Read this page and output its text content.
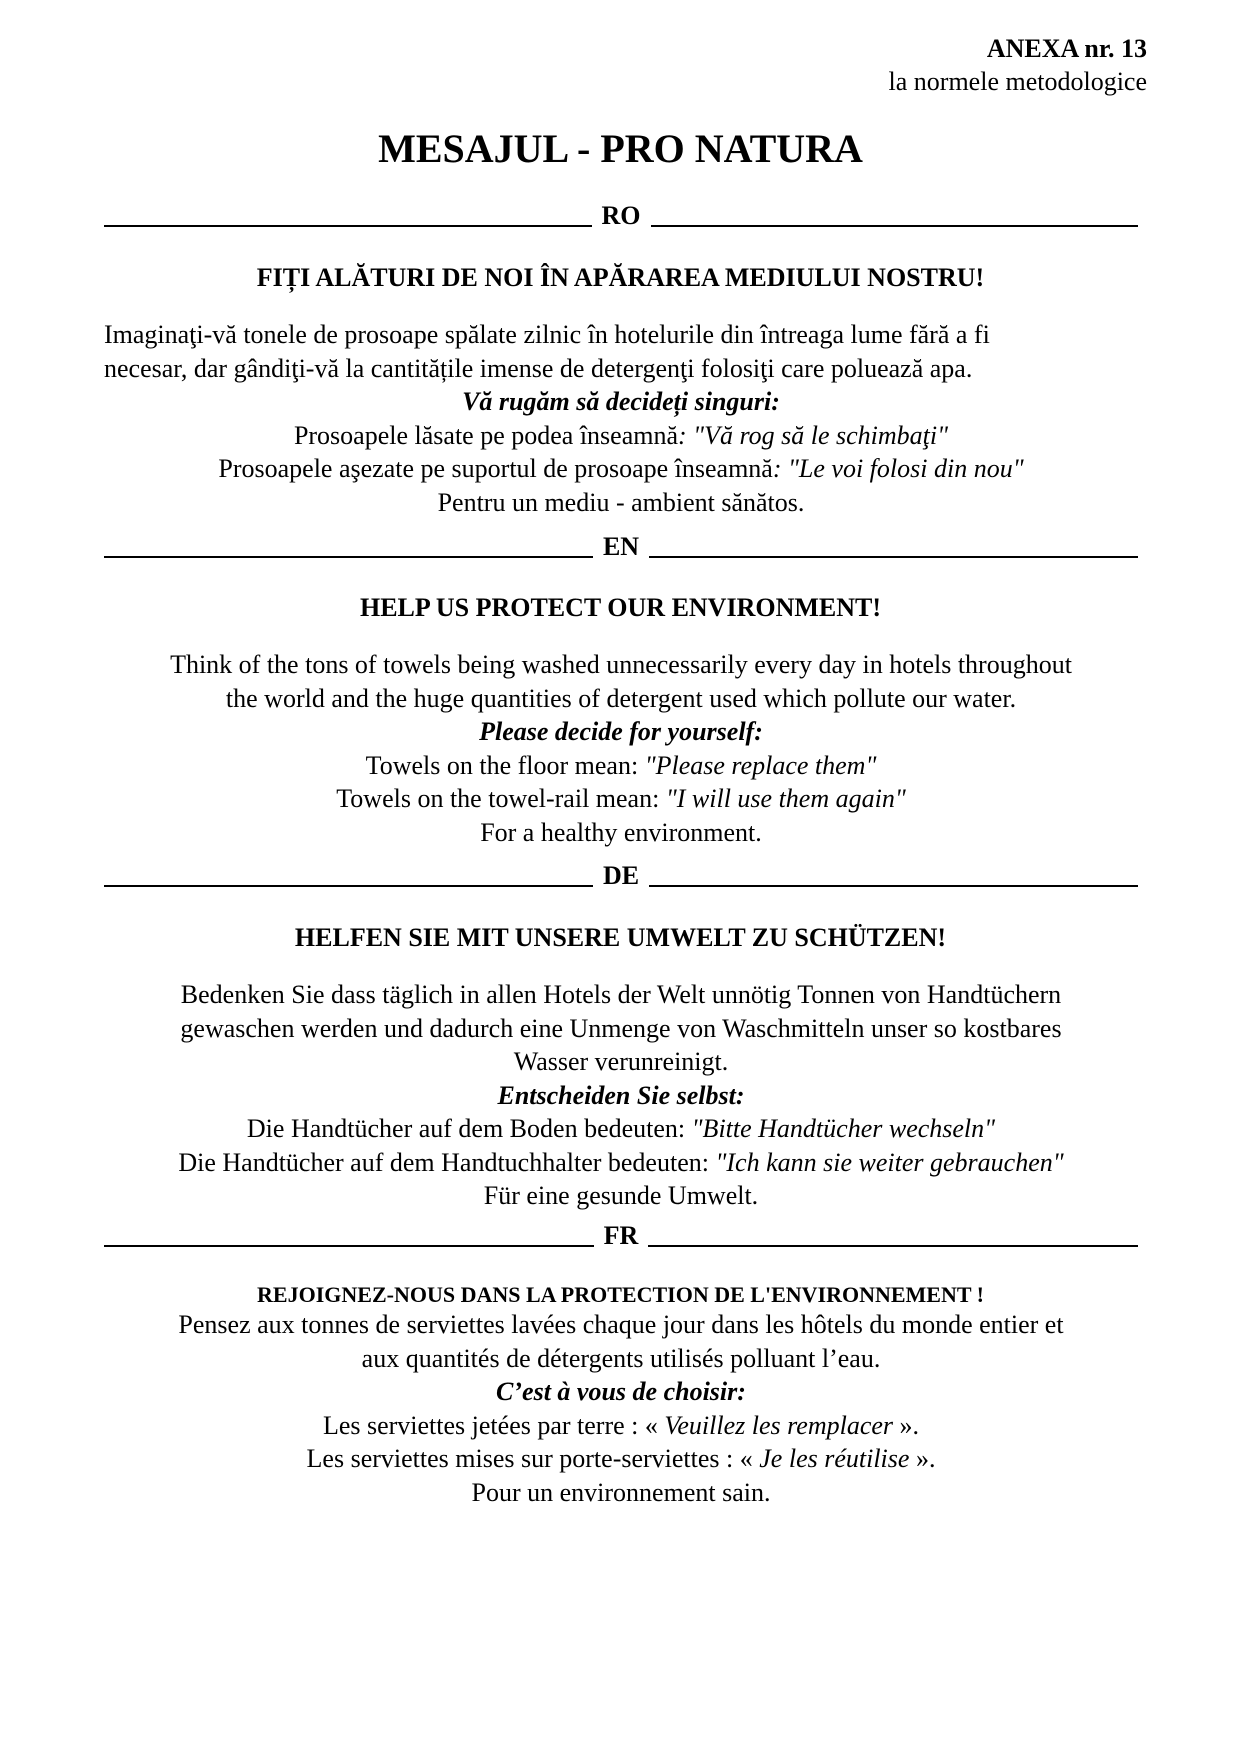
ANEXA nr. 13
la normele metodologice
MESAJUL - PRO NATURA
RO
FIȚI ALĂTURI DE NOI ÎN APĂRAREA MEDIULUI NOSTRU!

Imaginaţi-vă tonele de prosoape spălate zilnic în hotelurile din întreaga lume fără a fi

necesar, dar gândiţi-vă la cantitățile imense de detergenţi folosiţi care poluează apa.

Vă rugăm să decideți singuri:

Prosoapele lăsate pe podea înseamnă: "Vă rog să le schimbaţi"

Prosoapele aşezate pe suportul de prosoape înseamnă: "Le voi folosi din nou"

Pentru un mediu - ambient sănătos.

EN
HELP US PROTECT OUR ENVIRONMENT!

Think of the tons of towels being washed unnecessarily every day in hotels throughout

the world and the huge quantities of detergent used which pollute our water.

Please decide for yourself:

Towels on the floor mean: "Please replace them"

Towels on the towel-rail mean: "I will use them again"

For a healthy environment.

DE
HELFEN SIE MIT UNSERE UMWELT ZU SCHÜTZEN!

Bedenken Sie dass täglich in allen Hotels der Welt unnötig Tonnen von Handtüchern

gewaschen werden und dadurch eine Unmenge von Waschmitteln unser so kostbares

Wasser verunreinigt.

Entscheiden Sie selbst:

Die Handtücher auf dem Boden bedeuten: "Bitte Handtücher wechseln"

Die Handtücher auf dem Handtuchhalter bedeuten: "Ich kann sie weiter gebrauchen"

Für eine gesunde Umwelt.

FR
REJOIGNEZ-NOUS DANS LA PROTECTION DE L'ENVIRONNEMENT !

Pensez aux tonnes de serviettes lavées chaque jour dans les hôtels du monde entier et

aux quantités de détergents utilisés polluant l’eau.

C’est à vous de choisir:

Les serviettes jetées par terre : « Veuillez les remplacer ».

Les serviettes mises sur porte-serviettes : « Je les réutilise ».

Pour un environnement sain.
